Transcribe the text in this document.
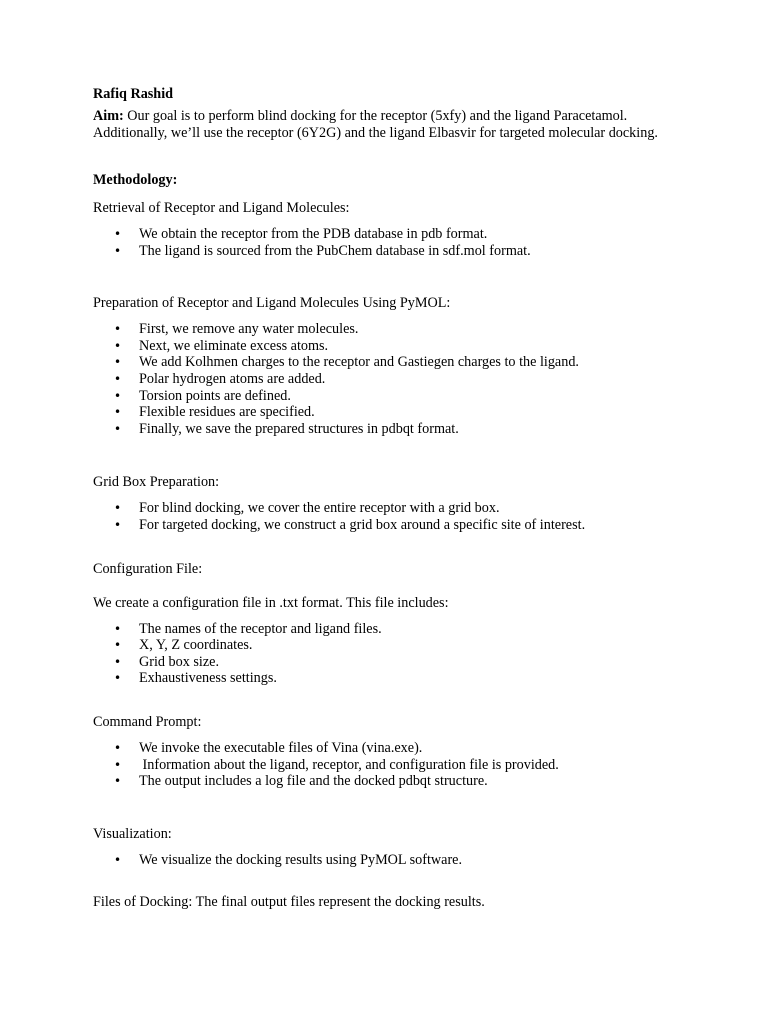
Rafiq Rashid
Aim: Our goal is to perform blind docking for the receptor (5xfy) and the ligand Paracetamol.
Additionally, we’ll use the receptor (6Y2G) and the ligand Elbasvir for targeted molecular docking.
Methodology:
Retrieval of Receptor and Ligand Molecules:
• We obtain the receptor from the PDB database in pdb format.
• The ligand is sourced from the PubChem database in sdf.mol format.
Preparation of Receptor and Ligand Molecules Using PyMOL:
• First, we remove any water molecules.
• Next, we eliminate excess atoms.
• We add Kolhmen charges to the receptor and Gastiegen charges to the ligand.
• Polar hydrogen atoms are added.
• Torsion points are defined.
• Flexible residues are specified.
• Finally, we save the prepared structures in pdbqt format.
Grid Box Preparation:
• For blind docking, we cover the entire receptor with a grid box.
• For targeted docking, we construct a grid box around a specific site of interest.
Configuration File:
We create a configuration file in .txt format. This file includes:
• The names of the receptor and ligand files.
• X, Y, Z coordinates.
• Grid box size.
• Exhaustiveness settings.
Command Prompt:
• We invoke the executable files of Vina (vina.exe).
• Information about the ligand, receptor, and configuration file is provided.
• The output includes a log file and the docked pdbqt structure.
Visualization:
• We visualize the docking results using PyMOL software.
Files of Docking: The final output files represent the docking results.
